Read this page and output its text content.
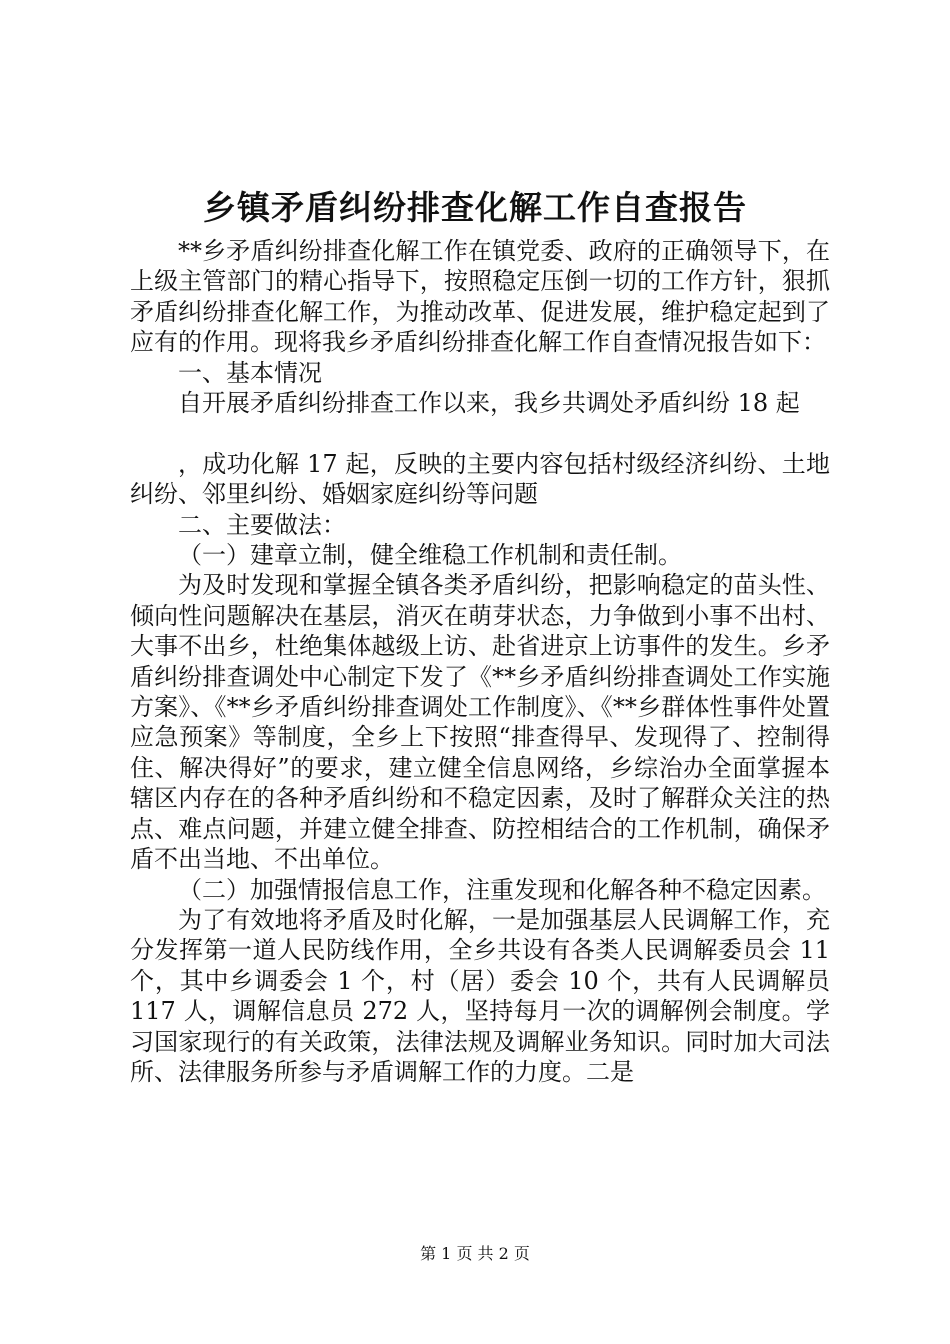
乡镇矛盾纠纷排查化解工作自查报告

**乡矛盾纠纷排查化解工作在镇党委、政府的正确领导下，在上级主管部门的精心指导下，按照稳定压倒一切的工作方针，狠抓矛盾纠纷排查化解工作，为推动改革、促进发展，维护稳定起到了应有的作用。现将我乡矛盾纠纷排查化解工作自查情况报告如下：

一、基本情况

自开展矛盾纠纷排查工作以来，我乡共调处矛盾纠纷 18 起

，成功化解 17 起，反映的主要内容包括村级经济纠纷、土地纠纷、邻里纠纷、婚姻家庭纠纷等问题

二、主要做法：

（一）建章立制，健全维稳工作机制和责任制。

为及时发现和掌握全镇各类矛盾纠纷，把影响稳定的苗头性、倾向性问题解决在基层，消灭在萌芽状态，力争做到小事不出村、大事不出乡，杜绝集体越级上访、赴省进京上访事件的发生。乡矛盾纠纷排查调处中心制定下发了《**乡矛盾纠纷排查调处工作实施方案》、《**乡矛盾纠纷排查调处工作制度》、《**乡群体性事件处置应急预案》等制度，全乡上下按照“排查得早、发现得了、控制得住、解决得好”的要求，建立健全信息网络，乡综治办全面掌握本辖区内存在的各种矛盾纠纷和不稳定因素，及时了解群众关注的热点、难点问题，并建立健全排查、防控相结合的工作机制，确保矛盾不出当地、不出单位。

（二）加强情报信息工作，注重发现和化解各种不稳定因素。

为了有效地将矛盾及时化解，一是加强基层人民调解工作，充分发挥第一道人民防线作用，全乡共设有各类人民调解委员会 11 个，其中乡调委会 1 个，村（居）委会 10 个，共有人民调解员 117 人，调解信息员 272 人，坚持每月一次的调解例会制度。学习国家现行的有关政策，法律法规及调解业务知识。同时加大司法所、法律服务所参与矛盾调解工作的力度。二是

第 1 页 共 2 页
